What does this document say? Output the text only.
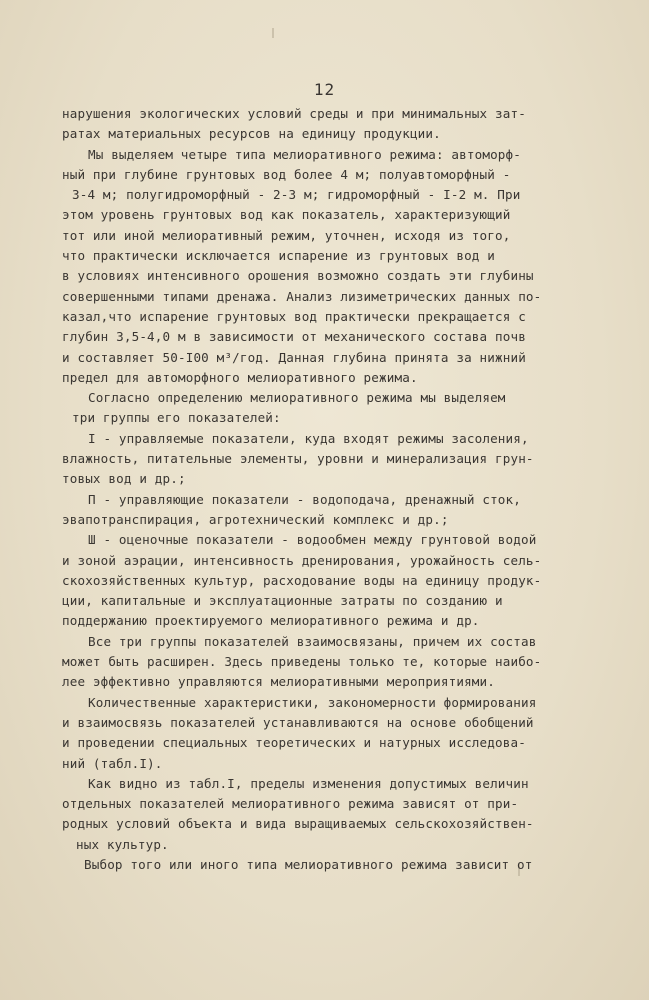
12
нарушения экологических условий среды и при минимальных зат-
ратах материальных ресурсов на единицу продукции.
Мы выделяем четыре типа мелиоративного режима: автоморф-
ный при глубине грунтовых вод более 4 м; полуавтоморфный -
3-4 м; полугидроморфный - 2-3 м; гидроморфный - I-2 м. При
этом уровень грунтовых вод как показатель, характеризующий
тот или иной мелиоративный режим, уточнен, исходя из того,
что практически исключается испарение из грунтовых вод и
в условиях интенсивного орошения возможно создать эти глубины
совершенными типами дренажа. Анализ лизиметрических данных по-
казал,что испарение грунтовых вод практически прекращается с
глубин 3,5-4,0 м в зависимости от механического состава почв
и составляет 50-I00 м³/год. Данная глубина принята за нижний
предел для автоморфного мелиоративного режима.
Согласно определению мелиоративного режима мы выделяем
три группы его показателей:
I - управляемые показатели, куда входят режимы засоления,
влажность, питательные элементы, уровни и минерализация грун-
товых вод и др.;
П - управляющие показатели - водоподача, дренажный сток,
эвапотранспирация, агротехнический комплекс и др.;
Ш - оценочные показатели - водообмен между грунтовой водой
и зоной аэрации, интенсивность дренирования, урожайность сель-
скохозяйственных культур, расходование воды на единицу продук-
ции, капитальные и эксплуатационные затраты по созданию и
поддержанию проектируемого мелиоративного режима и др.
Все три группы показателей взаимосвязаны, причем их состав
может быть расширен. Здесь приведены только те, которые наибо-
лее эффективно управляются мелиоративными мероприятиями.
Количественные характеристики, закономерности формирования
и взаимосвязь показателей устанавливаются на основе обобщений
и проведении специальных теоретических и натурных исследова-
ний (табл.I).
Как видно из табл.I, пределы изменения допустимых величин
отдельных показателей мелиоративного режима зависят от при-
родных условий объекта и вида выращиваемых сельскохозяйствен-
ных культур.
Выбор того или иного типа мелиоративного режима зависит от
